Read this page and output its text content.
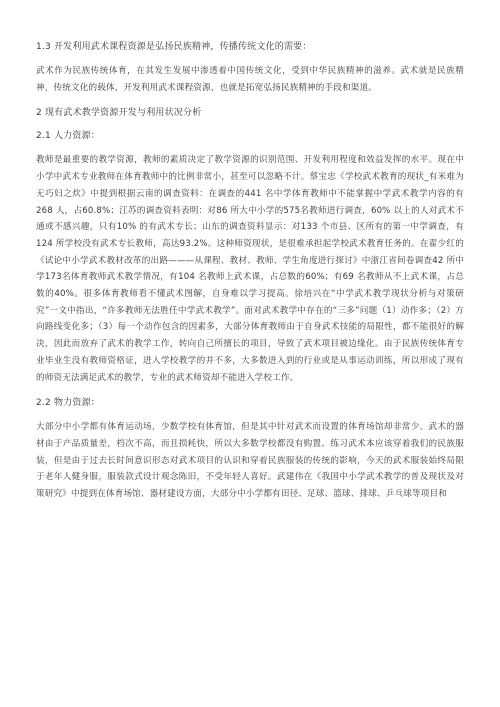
1.3 开发利用武术课程资源是弘扬民族精神，传播传统文化的需要：
武术作为民族传统体育，在其发生发展中渗透着中国传统文化，受到中华民族精神的滋养。武术就是民族精神，传统文化的载体，开发利用武术课程资源，也就是拓宽弘扬民族精神的手段和渠道。
2 现有武术教学资源开发与利用状况分析
2.1 人力资源：
教师是最重要的教学资源，教师的素质决定了教学资源的识别范围、开发利用程度和效益发挥的水平。现在中小学中武术专业教师在体育教师中的比例非常小，甚至可以忽略不计。蔡宝忠《学校武术教育的现状_有米难为无巧妇之炊》中提到根据云南的调查资料：在调查的441 名中学体育教师中不能掌握中学武术教学内容的有268 人，占60.8%；江苏的调查资料表明：对86 所大中小学的575名教师进行调查，60% 以上的人对武术不通或不感兴趣，只有10% 的有武术专长；山东的调查资料显示：对133 个市县、区所有的第一中学调查，有124 所学校没有武术专长教师，高达93.2%。这种师资现状，是很难承担起学校武术教育任务的。在翟少红的《试论中小学武术教材改革的出路———从课程、教材、教师、学生角度进行探讨》中浙江省间卷调查42 所中学173名体育教师武术教学情况，有104 名教师上武术课，占总数的60%；有69 名教师从不上武术课，占总数的40%。很多体育教师看不懂武术图解，自身难以学习提高。徐培兴在“中学武术教学现状分析与对策研究”一文中指出，“许多教师无法胜任中学武术教学”。面对武术教学中存在的“三多”问题（1）动作多；（2）方向路线变化多；（3）每一个动作包含的因素多，大部分体育教师由于自身武术技能的局限性，都不能很好的解决，因此而放弃了武术的教学工作，转向自己所擅长的项目，导致了武术项目被边缘化。由于民族传统体育专业毕业生没有教师资格证，进入学校教学的并不多，大多数进入到的行业或是从事运动训练，所以形成了现有的师资无法满足武术的教学，专业的武术师资却不能进入学校工作。
2.2 物力资源：
大部分中小学都有体育运动场，少数学校有体育馆，但是其中针对武术而设置的体育场馆却非常少。武术的器材由于产品质量差，档次不高，而且损耗快，所以大多数学校都没有购置。练习武术本应该穿着我们的民族服装，但是由于过去长时间意识形态对武术项目的认识和穿着民族服装的传统的影响，今天的武术服装始终局限于老年人健身服，服装款式设计观念陈旧，不受年轻人喜好。武建伟在《我国中小学武术教学的普及现状及对策研究》中提到在体育场馆、器材建设方面，大部分中小学都有田径、足球、篮球、排球、乒乓球等项目和
